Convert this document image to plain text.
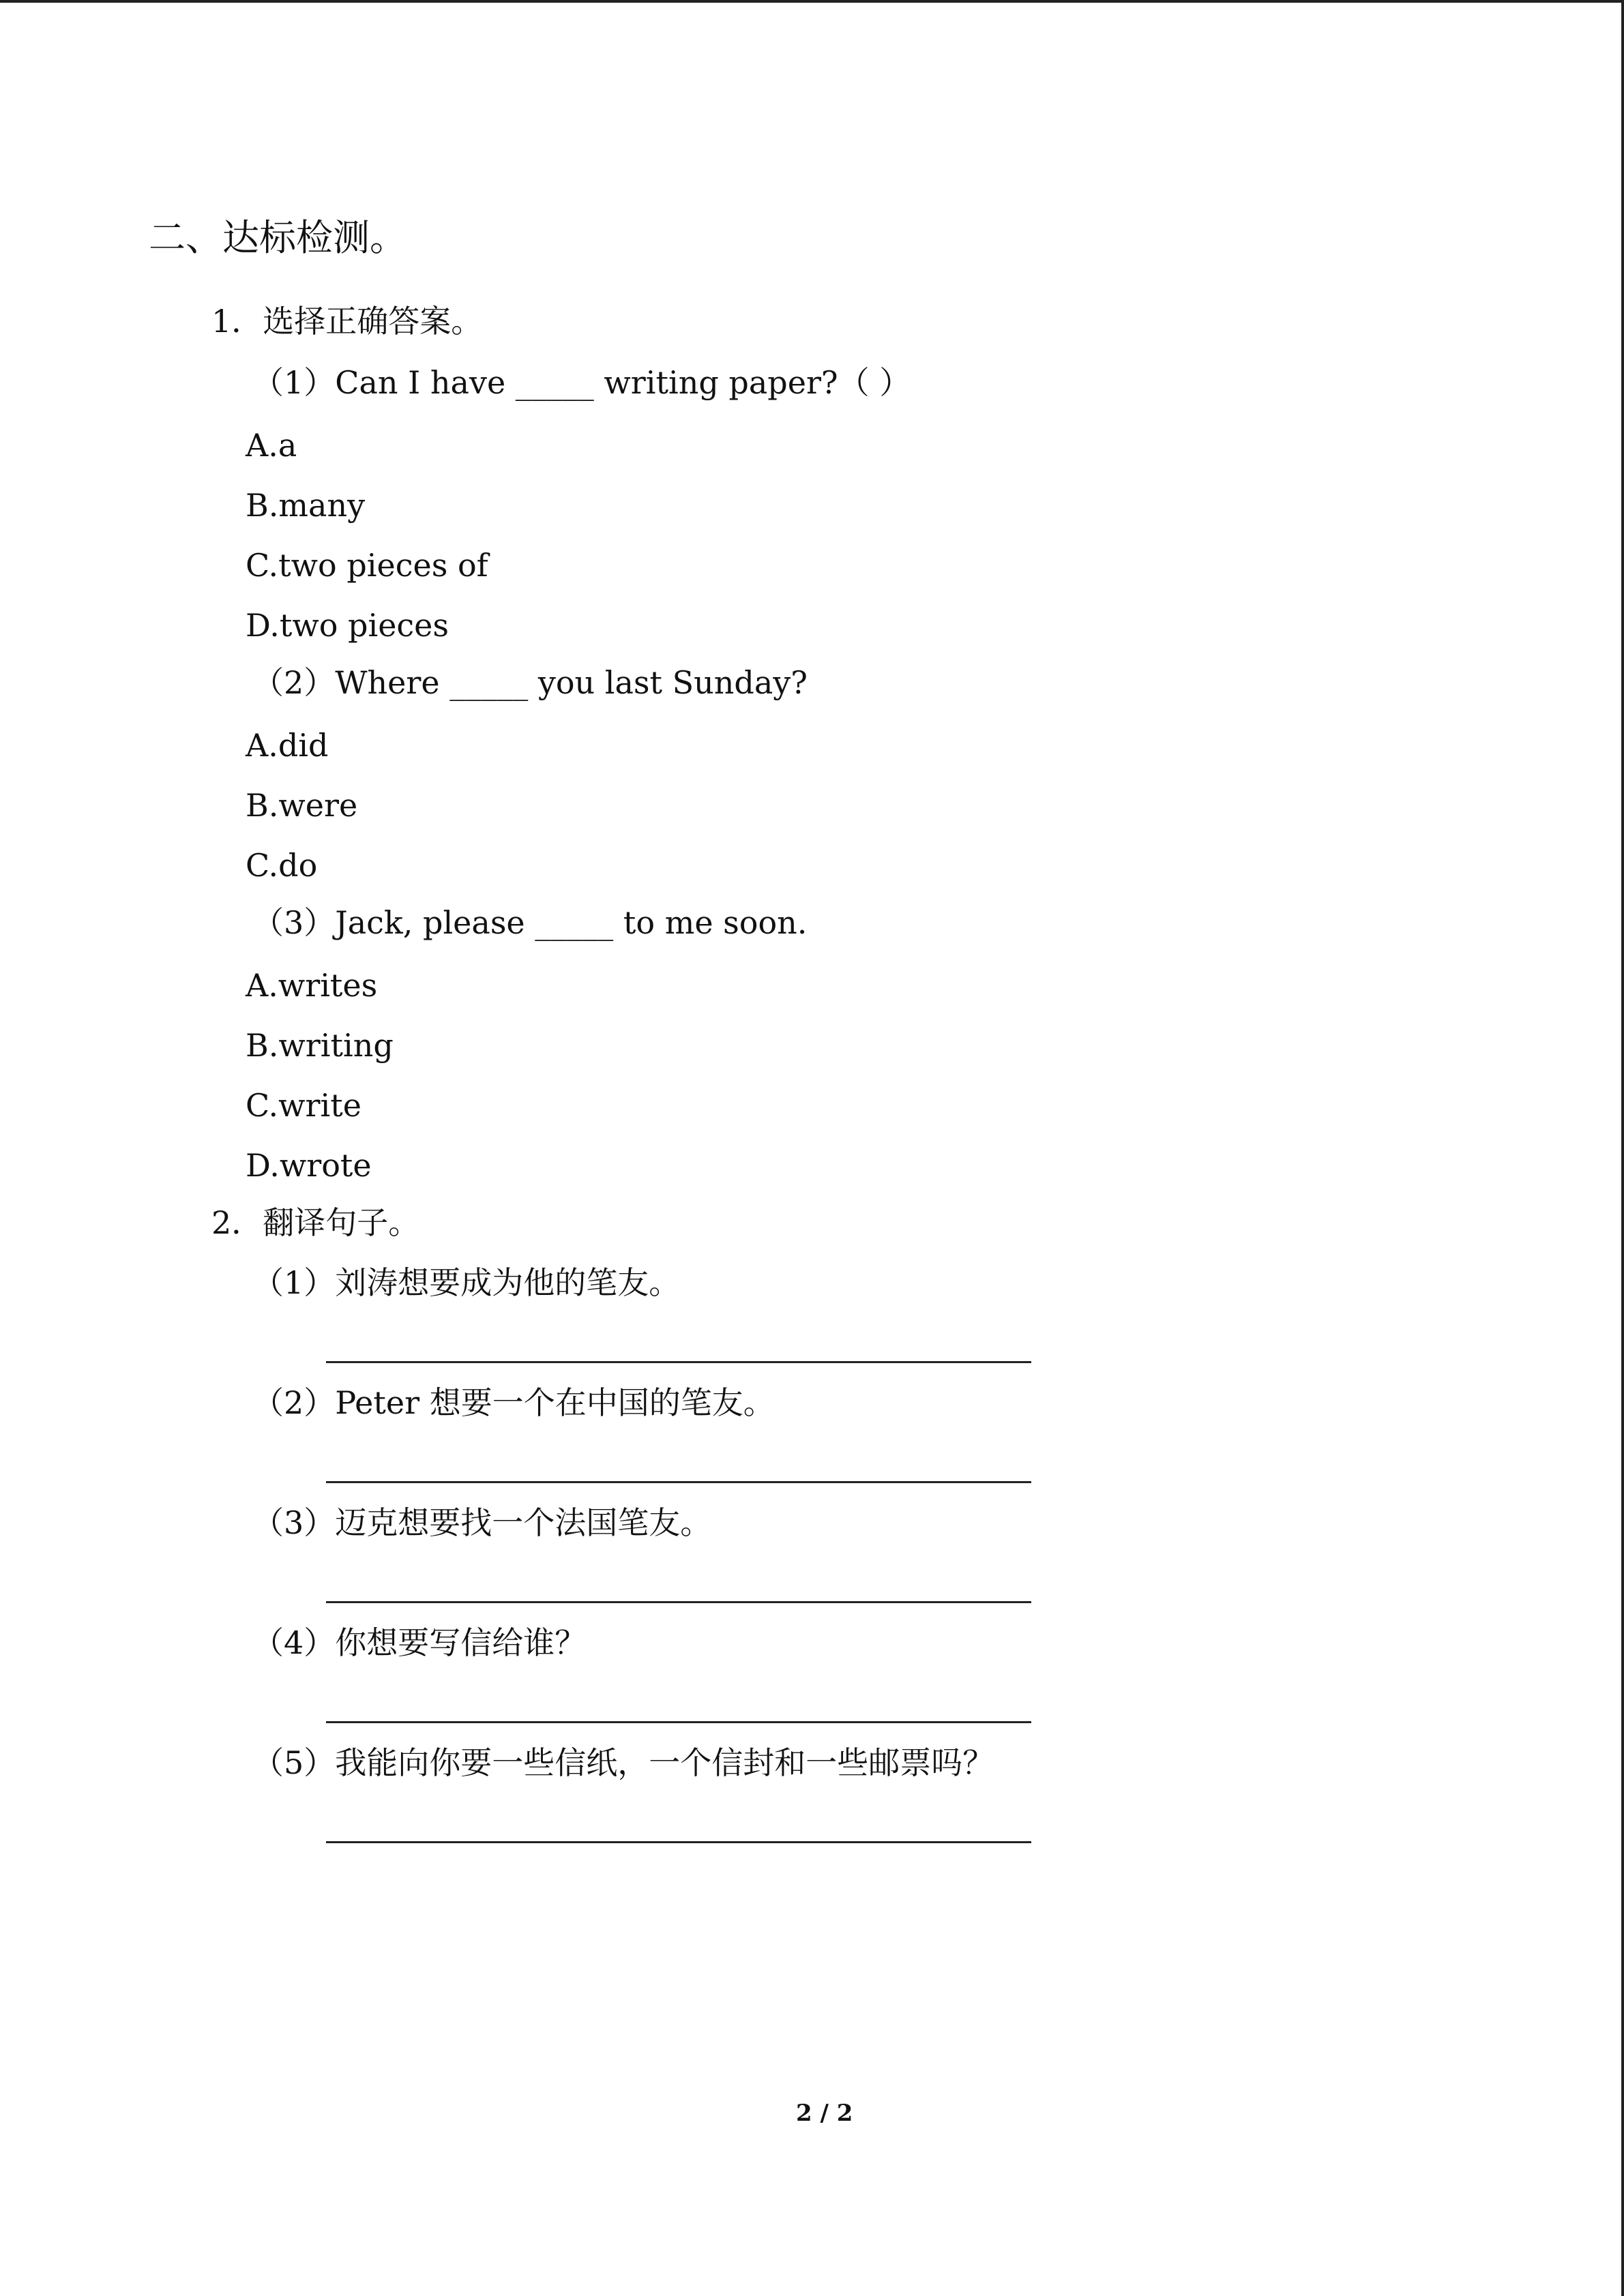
二、达标检测。
1．选择正确答案。
（1）Can I have _____ writing paper?（ ）
A.a
B.many
C.two pieces of
D.two pieces
（2）Where _____ you last Sunday?
A.did
B.were
C.do
（3）Jack, please _____ to me soon.
A.writes
B.writing
C.write
D.wrote
2．翻译句子。
（1）刘涛想要成为他的笔友。
（2）Peter 想要一个在中国的笔友。
（3）迈克想要找一个法国笔友。
（4）你想要写信给谁？
（5）我能向你要一些信纸，一个信封和一些邮票吗？
2 / 2
